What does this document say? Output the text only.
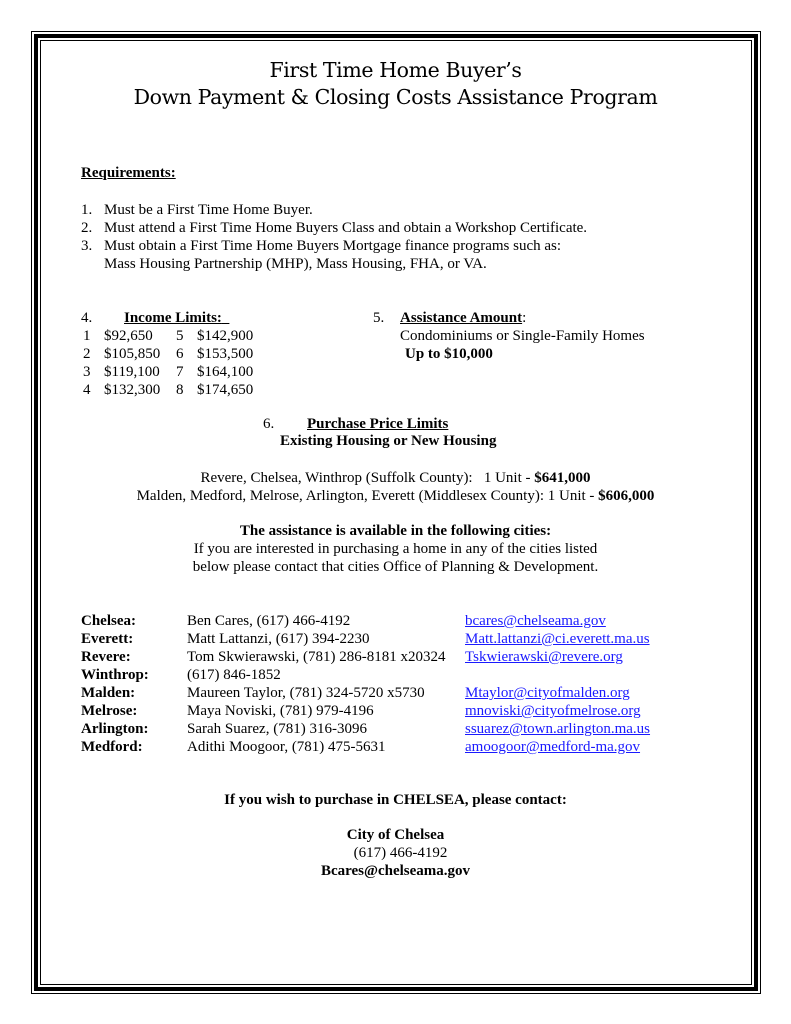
First Time Home Buyer’s
Down Payment & Closing Costs Assistance Program
Requirements:
1. Must be a First Time Home Buyer.
2. Must attend a First Time Home Buyers Class and obtain a Workshop Certificate.
3. Must obtain a First Time Home Buyers Mortgage finance programs such as:
Mass Housing Partnership (MHP), Mass Housing, FHA, or VA.
4. Income Limits:
1 $92,650 5 $142,900
2 $105,850 6 $153,500
3 $119,100 7 $164,100
4 $132,300 8 $174,650
5. Assistance Amount:
Condominiums or Single-Family Homes
Up to $10,000
6. Purchase Price Limits
Existing Housing or New Housing
Revere, Chelsea, Winthrop (Suffolk County):   1 Unit - $641,000
Malden, Medford, Melrose, Arlington, Everett (Middlesex County): 1 Unit - $606,000
The assistance is available in the following cities:
If you are interested in purchasing a home in any of the cities listed
below please contact that cities Office of Planning & Development.
Chelsea:	Ben Cares, (617) 466-4192	bcares@chelseama.gov
Everett:	Matt Lattanzi, (617) 394-2230	Matt.lattanzi@ci.everett.ma.us
Revere:	Tom Skwierawski, (781) 286-8181 x20324 Tskwierawski@revere.org
Winthrop:	(617) 846-1852
Malden:	Maureen Taylor, (781) 324-5720 x5730	Mtaylor@cityofmalden.org
Melrose:	Maya Noviski, (781) 979-4196	mnoviski@cityofmelrose.org
Arlington:	Sarah Suarez, (781) 316-3096	ssuarez@town.arlington.ma.us
Medford:	Adithi Moogoor, (781) 475-5631	amoogoor@medford-ma.gov
If you wish to purchase in CHELSEA, please contact:
City of Chelsea
(617) 466-4192
Bcares@chelseama.gov
